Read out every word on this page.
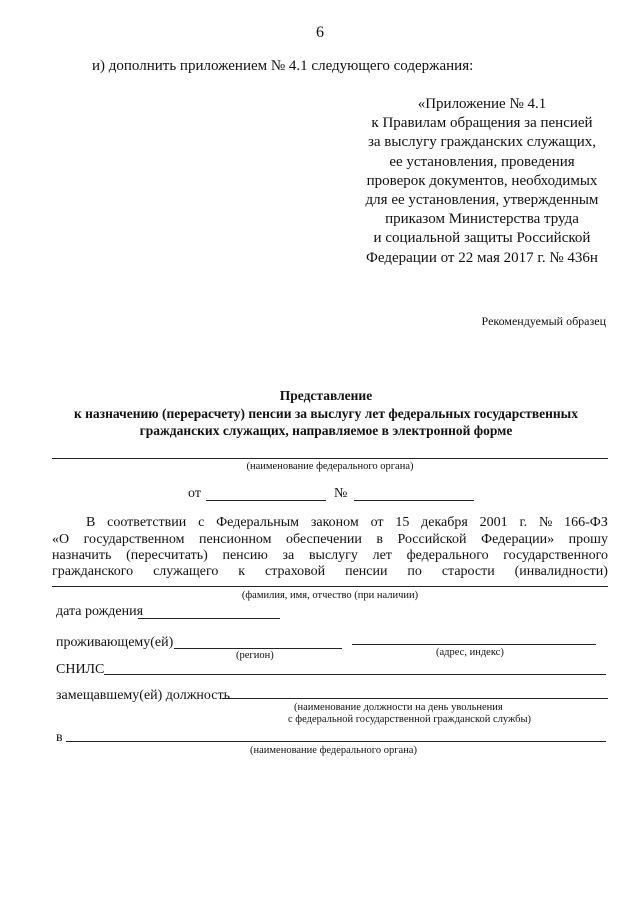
6
и) дополнить приложением № 4.1 следующего содержания:
«Приложение № 4.1
к Правилам обращения за пенсией
за выслугу гражданских служащих,
ее установления, проведения
проверок документов, необходимых
для ее установления, утвержденным
приказом Министерства труда
и социальной защиты Российской
Федерации от 22 мая 2017 г. № 436н
Рекомендуемый образец
Представление
к назначению (перерасчету) пенсии за выслугу лет федеральных государственных
гражданских служащих, направляемое в электронной форме
(наименование федерального органа)
от	№
В соответствии с Федеральным законом от 15 декабря 2001 г. № 166-ФЗ
«О государственном пенсионном обеспечении в Российской Федерации» прошу
назначить (пересчитать) пенсию за выслугу лет федерального государственного
гражданского служащего к страховой пенсии по старости (инвалидности)
(фамилия, имя, отчество (при наличии)
дата рождения
проживающему(ей)
(регион)	(адрес, индекс)
СНИЛС
замещавшему(ей) должность
(наименование должности на день увольнения
с федеральной государственной гражданской службы)
в
(наименование федерального органа)
